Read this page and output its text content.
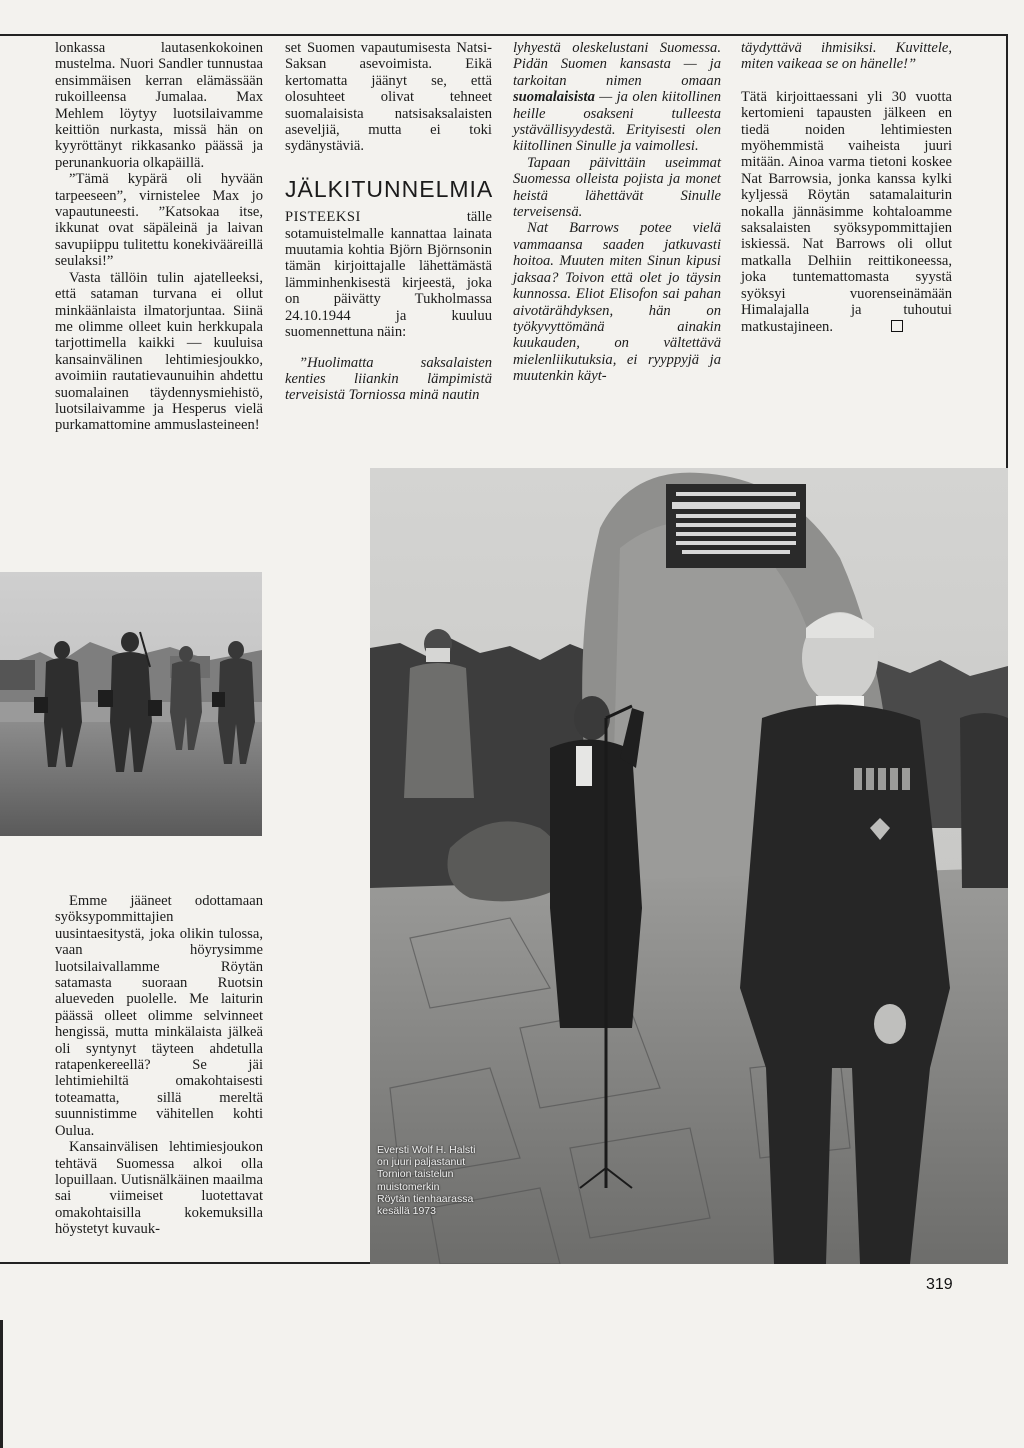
lonkassa lautasenkokoinen mustelma. Nuori Sandler tunnustaa ensimmäisen kerran elämässään rukoilleensa Jumalaa. Max Mehlem löytyy luotsilaivamme keittiön nurkasta, missä hän on kyyröttänyt rikkasanko päässä ja perunankuoria olkapäillä.

”Tämä kypärä oli hyvään tarpeeseen”, virnistelee Max jo vapautuneesti. ”Katsokaa itse, ikkunat ovat säpäleinä ja laivan savupiippu tulitettu konekivääreillä seulaksi!”

Vasta tällöin tulin ajatelleeksi, että sataman turvana ei ollut minkäänlaista ilmatorjuntaa. Siinä me olimme olleet kuin herkkupala tarjottimella kaikki — kuuluisa kansainvälinen lehtimiesjoukko, avoimiin rautatievaunuihin ahdettu suomalainen täydennysmiehistö, luotsilaivamme ja Hesperus vielä purkamattomine ammuslasteineen!

set Suomen vapautumisesta Natsi-Saksan asevoimista. Eikä kertomatta jäänyt se, että olosuhteet olivat tehneet suomalaisista natsisaksalaisten aseveljiä, mutta ei toki sydänystäviä.

JÄLKITUNNELMIA

PISTEEKSI tälle sotamuistelmalle kannattaa lainata muutamia kohtia Björn Björnsonin tämän kirjoittajalle lähettämästä lämminhenkisestä kirjeestä, joka on päivätty Tukholmassa 24.10.1944 ja kuuluu suomennettuna näin:

”Huolimatta saksalaisten kenties liiankin lämpimistä terveisistä Torniossa minä nautin

lyhyestä oleskelustani Suomessa. Pidän Suomen kansasta — ja tarkoitan nimen omaan suomalaisista — ja olen kiitollinen heille osakseni tulleesta ystävällisyydestä. Erityisesti olen kiitollinen Sinulle ja vaimollesi.

Tapaan päivittäin useimmat Suomessa olleista pojista ja monet heistä lähettävät Sinulle terveisensä.

Nat Barrows potee vielä vammaansa saaden jatkuvasti hoitoa. Muuten miten Sinun kipusi jaksaa? Toivon että olet jo täysin kunnossa. Eliot Elisofon sai pahan aivotärähdyksen, hän on työkyvyttömänä ainakin kuukauden, on vältettävä mielenliikutuksia, ei ryyppyjä ja muutenkin käyt-

täydyttävä ihmisiksi. Kuvittele, miten vaikeaa se on hänelle!”

Tätä kirjoittaessani yli 30 vuotta kertomieni tapausten jälkeen en tiedä noiden lehtimiesten myöhemmistä vaiheista juuri mitään. Ainoa varma tietoni koskee Nat Barrowsia, jonka kanssa kylki kyljessä Röytän satamalaiturin nokalla jännäsimme kohtaloamme saksalaisten syöksypommittajien iskiessä. Nat Barrows oli ollut matkalla Delhiin reittikoneessa, joka tuntemattomasta syystä syöksyi vuorenseinämään Himalajalla ja tuhoutui matkustajineen.

Emme jääneet odottamaan syöksypommittajien uusintaesitystä, joka olikin tulossa, vaan höyrysimme luotsilaivallamme Röytän satamasta suoraan Ruotsin alueveden puolelle. Me laiturin päässä olleet olimme selvinneet hengissä, mutta minkälaista jälkeä oli syntynyt täyteen ahdetulla ratapenkereellä? Se jäi lehtimiehiltä omakohtaisesti toteamatta, sillä mereltä suunnistimme vähitellen kohti Oulua.

Kansainvälisen lehtimiesjoukon tehtävä Suomessa alkoi olla lopuillaan. Uutisnälkäinen maailma sai viimeiset luotettavat omakohtaisilla kokemuksilla höystetyt kuvauk-

Eversti Wolf H. Halsti
on juuri paljastanut
Tornion taistelun
muistomerkin
Röytän tienhaarassa
kesällä 1973
319
